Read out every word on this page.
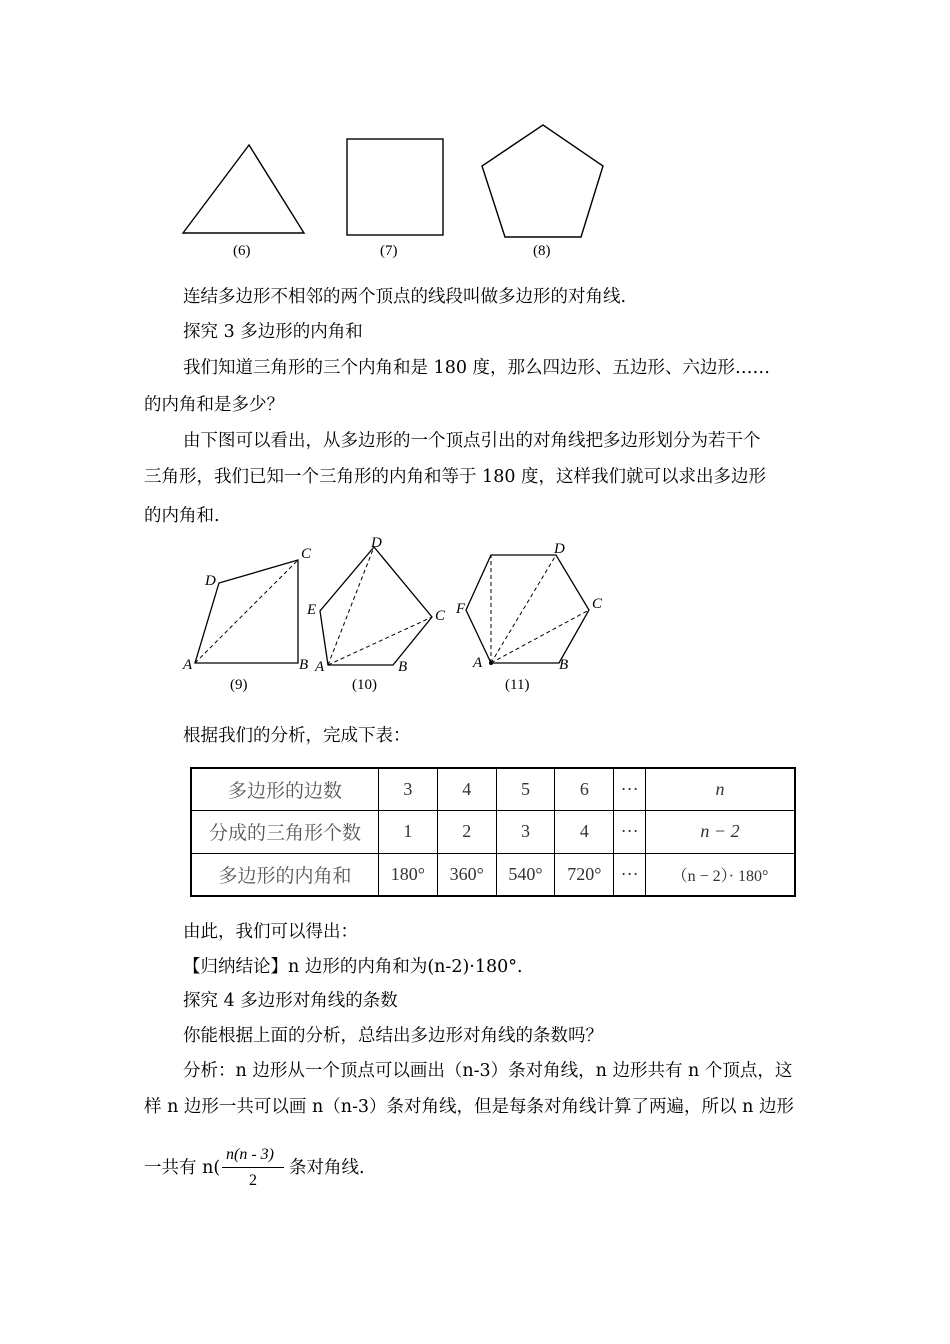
(6)	(7)	(8)
连结多边形不相邻的两个顶点的线段叫做多边形的对角线.
探究 3 多边形的内角和
我们知道三角形的三个内角和是 180 度，那么四边形、五边形、六边形……
的内角和是多少？
由下图可以看出，从多边形的一个顶点引出的对角线把多边形划分为若干个
三角形，我们已知一个三角形的内角和等于 180 度，这样我们就可以求出多边形
的内角和.
A	B
C
D
A	B
C
D
E
A	B
C
D
F
(9)	(10)	(11)
根据我们的分析，完成下表：
多边形的边数	3	4	5	6	···	n
分成的三角形个数	1	2	3	4	···	n − 2
多边形的内角和	180°	360°	540°	720°	···	（n − 2）· 180°
由此，我们可以得出：
【归纳结论】n 边形的内角和为(n-2)·180°.
探究 4 多边形对角线的条数
你能根据上面的分析，总结出多边形对角线的条数吗？
分析：n 边形从一个顶点可以画出（n-3）条对角线，n 边形共有 n 个顶点，这
样 n 边形一共可以画 n（n-3）条对角线，但是每条对角线计算了两遍，所以 n 边形
一共有 n(
n(n - 3)
2
条对角线.
